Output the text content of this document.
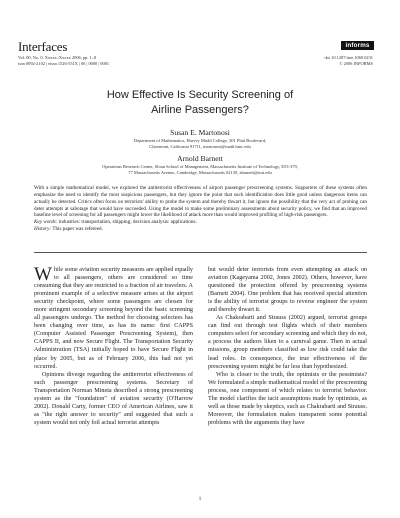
Interfaces
Vol. 00, No. 0, Xxxxx–Xxxxx 2006, pp. 1–8
issn 0092-2102 | eissn 1526-551X | 06 | 0000 | 0001
informs
doi 10.1287/inte.1060.0231
© 2006 INFORMS
How Effective Is Security Screening of
Airline Passengers?
Susan E. Martonosi
Department of Mathematics, Harvey Mudd College, 301 Platt Boulevard,
Claremont, California 91711, martonosi@math.hmc.edu
Arnold Barnett
Operations Research Center, Sloan School of Management, Massachusetts Institute of Technology, E53-379,
77 Massachusetts Avenue, Cambridge, Massachusetts 02139, abarnett@mit.edu
With a simple mathematical model, we explored the antiterrorist effectiveness of airport passenger prescreening systems. Supporters of these systems often emphasize the need to identify the most suspicious passengers, but they ignore the point that such identification does little good unless dangerous items can actually be detected. Critics often focus on terrorists' ability to probe the system and thereby thwart it, but ignore the possibility that the very act of probing can deter attempts at sabotage that would have succeeded. Using the model to make some preliminary assessments about security policy, we find that an improved baseline level of screening for all passengers might lower the likelihood of attack more than would improved profiling of high-risk passengers.
Key words: industries: transportation, shipping; decision analysis: applications.
History: This paper was refereed.

While some aviation security measures are applied equally to all passengers, others are considered so time consuming that they are restricted to a fraction of air travelers. A prominent example of a selective measure arises at the airport security checkpoint, where some passengers are chosen for more stringent secondary screening beyond the basic screening all passengers undergo. The method for choosing selectees has been changing over time, as has its name: first CAPPS (Computer Assisted Passenger Prescreening System), then CAPPS II, and now Secure Flight. The Transportation Security Administration (TSA) initially hoped to have Secure Flight in place by 2005, but as of February 2006, this had not yet occurred.

Opinions diverge regarding the antiterrorist effectiveness of such passenger prescreening systems. Secretary of Transportation Norman Mineta described a strong prescreening system as the "foundation" of aviation security (O'Harrow 2002). Donald Carty, former CEO of American Airlines, saw it as "the right answer to security" and suggested that such a system would not only foil actual terrorist attempts

but would deter terrorists from even attempting an attack on aviation (Kageyama 2002, Jones 2002). Others, however, have questioned the protection offered by prescreening systems (Barnett 2004). One problem that has received special attention is the ability of terrorist groups to reverse engineer the system and thereby thwart it.

As Chakrabarti and Strauss (2002) argued, terrorist groups can find out through test flights which of their members computers select for secondary screening and which they do not, a process the authors liken to a carnival game. Then in actual missions, group members classified as low risk could take the lead roles. In consequence, the true effectiveness of the prescreening system might be far less than hypothesized.

Who is closer to the truth, the optimists or the pessimists? We formulated a simple mathematical model of the prescreening process, one component of which relates to terrorist behavior. The model clarifies the tacit assumptions made by optimists, as well as those made by skeptics, such as Chakrabarti and Strauss. Moreover, the formulation makes transparent some potential problems with the arguments they have

1
